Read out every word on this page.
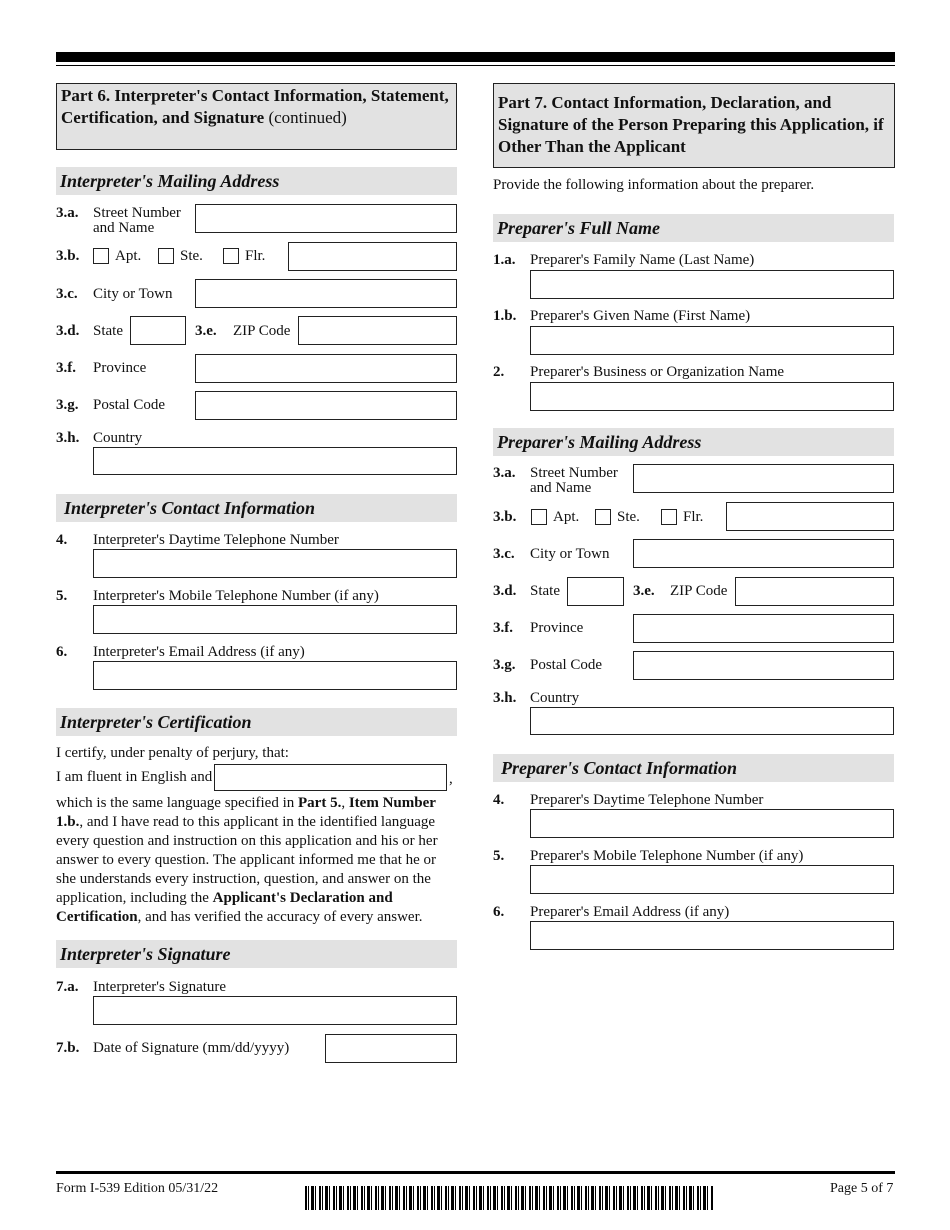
Part 6. Interpreter's Contact Information, Statement, Certification, and Signature (continued)
Interpreter's Mailing Address
3.a. Street Number
and Name
3.b. Apt.	Ste.	Flr.
3.c. City or Town
3.d. State	3.e. ZIP Code
3.f. Province
3.g. Postal Code
3.h. Country
Interpreter's Contact Information
4. Interpreter's Daytime Telephone Number
5. Interpreter's Mobile Telephone Number (if any)
6. Interpreter's Email Address (if any)
Interpreter's Certification
I certify, under penalty of perjury, that:
I am fluent in English and	,
which is the same language specified in Part 5., Item Number 1.b., and I have read to this applicant in the identified language every question and instruction on this application and his or her answer to every question. The applicant informed me that he or she understands every instruction, question, and answer on the application, including the Applicant's Declaration and Certification, and has verified the accuracy of every answer.
Interpreter's Signature
7.a. Interpreter's Signature
7.b. Date of Signature (mm/dd/yyyy)
Part 7. Contact Information, Declaration, and Signature of the Person Preparing this Application, if Other Than the Applicant
Provide the following information about the preparer.
Preparer's Full Name
1.a. Preparer's Family Name (Last Name)
1.b. Preparer's Given Name (First Name)
2. Preparer's Business or Organization Name
Preparer's Mailing Address
3.a. Street Number
and Name
3.b. Apt.	Ste.	Flr.
3.c. City or Town
3.d. State	3.e. ZIP Code
3.f. Province
3.g. Postal Code
3.h. Country
Preparer's Contact Information
4. Preparer's Daytime Telephone Number
5. Preparer's Mobile Telephone Number (if any)
6. Preparer's Email Address (if any)
Form I-539 Edition 05/31/22	Page 5 of 7
